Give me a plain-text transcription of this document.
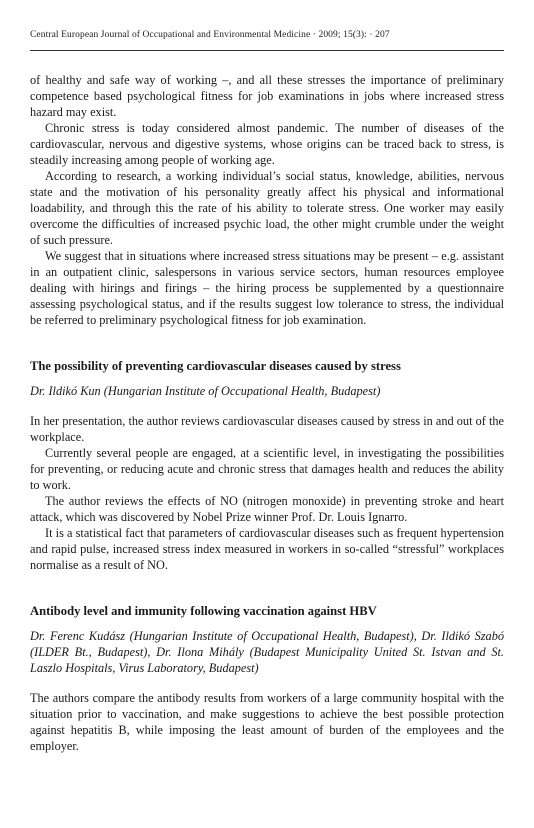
Central European Journal of Occupational and Environmental Medicine · 2009; 15(3): · 207

of healthy and safe way of working –, and all these stresses the importance of preliminary competence based psychological fitness for job examinations in jobs where increased stress hazard may exist.

Chronic stress is today considered almost pandemic. The number of diseases of the cardiovascular, nervous and digestive systems, whose origins can be traced back to stress, is steadily increasing among people of working age.

According to research, a working individual’s social status, knowledge, abilities, nervous state and the motivation of his personality greatly affect his physical and informational loadability, and through this the rate of his ability to tolerate stress. One worker may easily overcome the difficulties of increased psychic load, the other might crumble under the weight of such pressure.

We suggest that in situations where increased stress situations may be present – e.g. assistant in an outpatient clinic, salespersons in various service sectors, human resources employee dealing with hirings and firings – the hiring process be supplemented by a questionnaire assessing psychological status, and if the results suggest low tolerance to stress, the individual be referred to preliminary psychological fitness for job examination.

The possibility of preventing cardiovascular diseases caused by stress

Dr. Ildikó Kun (Hungarian Institute of Occupational Health, Budapest)

In her presentation, the author reviews cardiovascular diseases caused by stress in and out of the workplace.

Currently several people are engaged, at a scientific level, in investigating the possibilities for preventing, or reducing acute and chronic stress that damages health and reduces the ability to work.

The author reviews the effects of NO (nitrogen monoxide) in preventing stroke and heart attack, which was discovered by Nobel Prize winner Prof. Dr. Louis Ignarro.

It is a statistical fact that parameters of cardiovascular diseases such as frequent hypertension and rapid pulse, increased stress index measured in workers in so-called “stressful” workplaces normalise as a result of NO.

Antibody level and immunity following vaccination against HBV

Dr. Ferenc Kudász (Hungarian Institute of Occupational Health, Budapest), Dr. Ildikó Szabó (ILDER Bt., Budapest), Dr. Ilona Mihály (Budapest Municipality United St. Istvan and St. Laszlo Hospitals, Virus Laboratory, Budapest)

The authors compare the antibody results from workers of a large community hospital with the situation prior to vaccination, and make suggestions to achieve the best possible protection against hepatitis B, while imposing the least amount of burden of the employees and the employer.
